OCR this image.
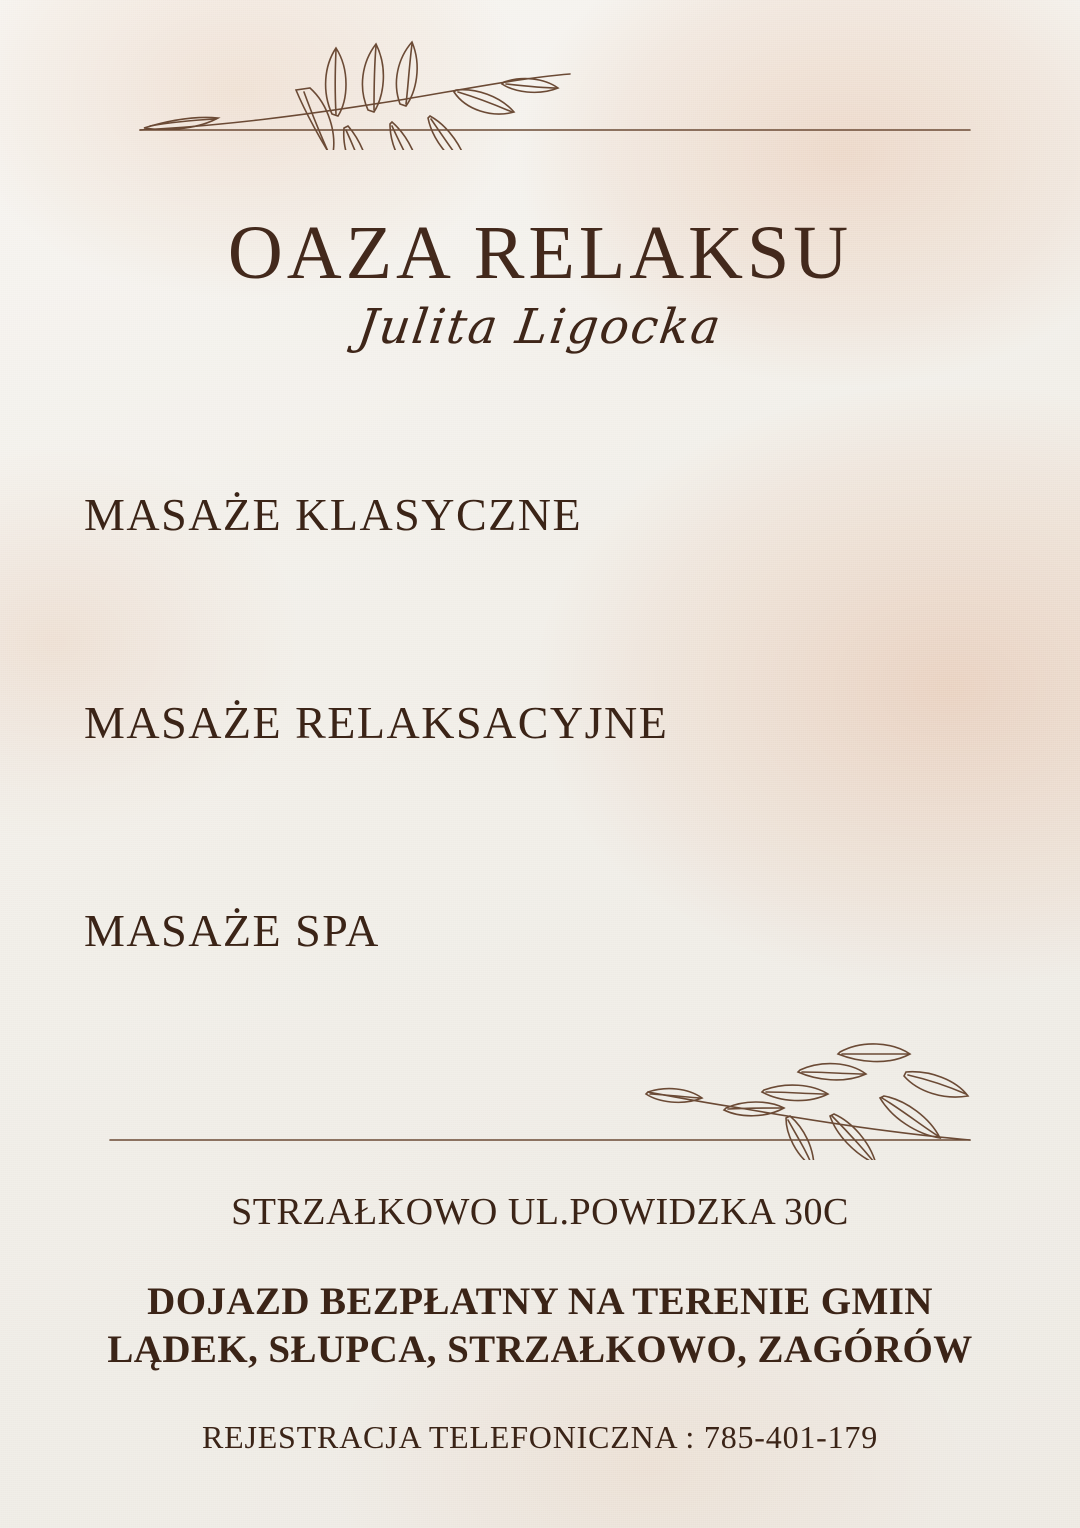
OAZA RELAKSU
Julita Ligocka
MASAŻE KLASYCZNE
MASAŻE RELAKSACYJNE
MASAŻE SPA
STRZAŁKOWO UL.POWIDZKA 30C
DOJAZD BEZPŁATNY NA TERENIE GMIN
LĄDEK, SŁUPCA, STRZAŁKOWO, ZAGÓRÓW
REJESTRACJA TELEFONICZNA : 785-401-179
